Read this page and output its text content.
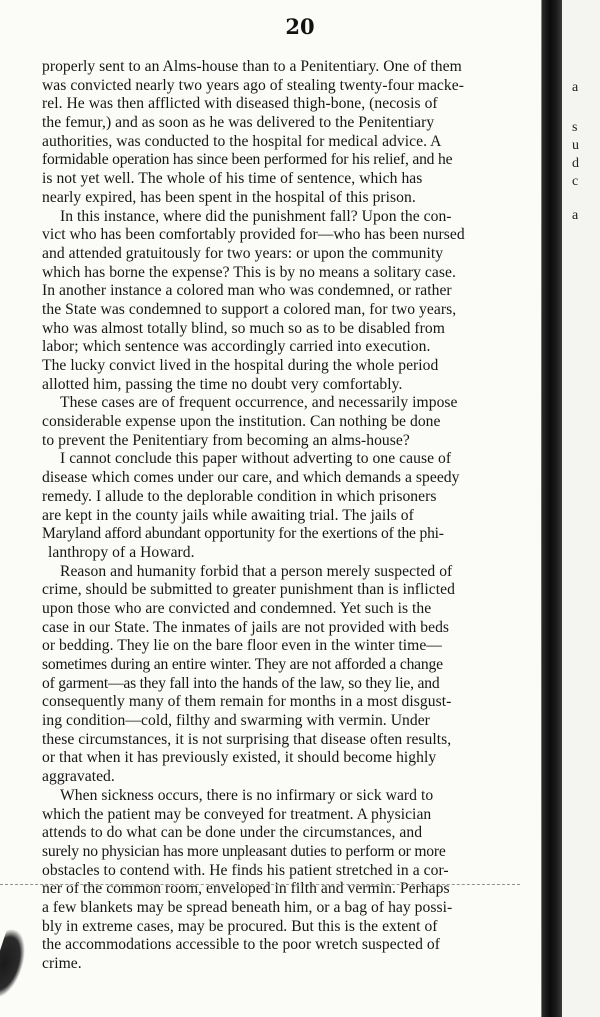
20
properly sent to an Alms-house than to a Penitentiary. One of them
was convicted nearly two years ago of stealing twenty-four macke-
rel. He was then afflicted with diseased thigh-bone, (necosis of
the femur,) and as soon as he was delivered to the Penitentiary
authorities, was conducted to the hospital for medical advice. A
formidable operation has since been performed for his relief, and he
is not yet well. The whole of his time of sentence, which has
nearly expired, has been spent in the hospital of this prison.
In this instance, where did the punishment fall? Upon the con-
vict who has been comfortably provided for—who has been nursed
and attended gratuitously for two years: or upon the community
which has borne the expense? This is by no means a solitary case.
In another instance a colored man who was condemned, or rather
the State was condemned to support a colored man, for two years,
who was almost totally blind, so much so as to be disabled from
labor; which sentence was accordingly carried into execution.
The lucky convict lived in the hospital during the whole period
allotted him, passing the time no doubt very comfortably.
These cases are of frequent occurrence, and necessarily impose
considerable expense upon the institution. Can nothing be done
to prevent the Penitentiary from becoming an alms-house?
I cannot conclude this paper without adverting to one cause of
disease which comes under our care, and which demands a speedy
remedy. I allude to the deplorable condition in which prisoners
are kept in the county jails while awaiting trial. The jails of
Maryland afford abundant opportunity for the exertions of the phi-
lanthropy of a Howard.
Reason and humanity forbid that a person merely suspected of
crime, should be submitted to greater punishment than is inflicted
upon those who are convicted and condemned. Yet such is the
case in our State. The inmates of jails are not provided with beds
or bedding. They lie on the bare floor even in the winter time—
sometimes during an entire winter. They are not afforded a change
of garment—as they fall into the hands of the law, so they lie, and
consequently many of them remain for months in a most disgust-
ing condition—cold, filthy and swarming with vermin. Under
these circumstances, it is not surprising that disease often results,
or that when it has previously existed, it should become highly
aggravated.
When sickness occurs, there is no infirmary or sick ward to
which the patient may be conveyed for treatment. A physician
attends to do what can be done under the circumstances, and
surely no physician has more unpleasant duties to perform or more
obstacles to contend with. He finds his patient stretched in a cor-
ner of the common room, enveloped in filth and vermin. Perhaps
a few blankets may be spread beneath him, or a bag of hay possi-
bly in extreme cases, may be procured. But this is the extent of
the accommodations accessible to the poor wretch suspected of
crime.
a
s
u
d
c
a
